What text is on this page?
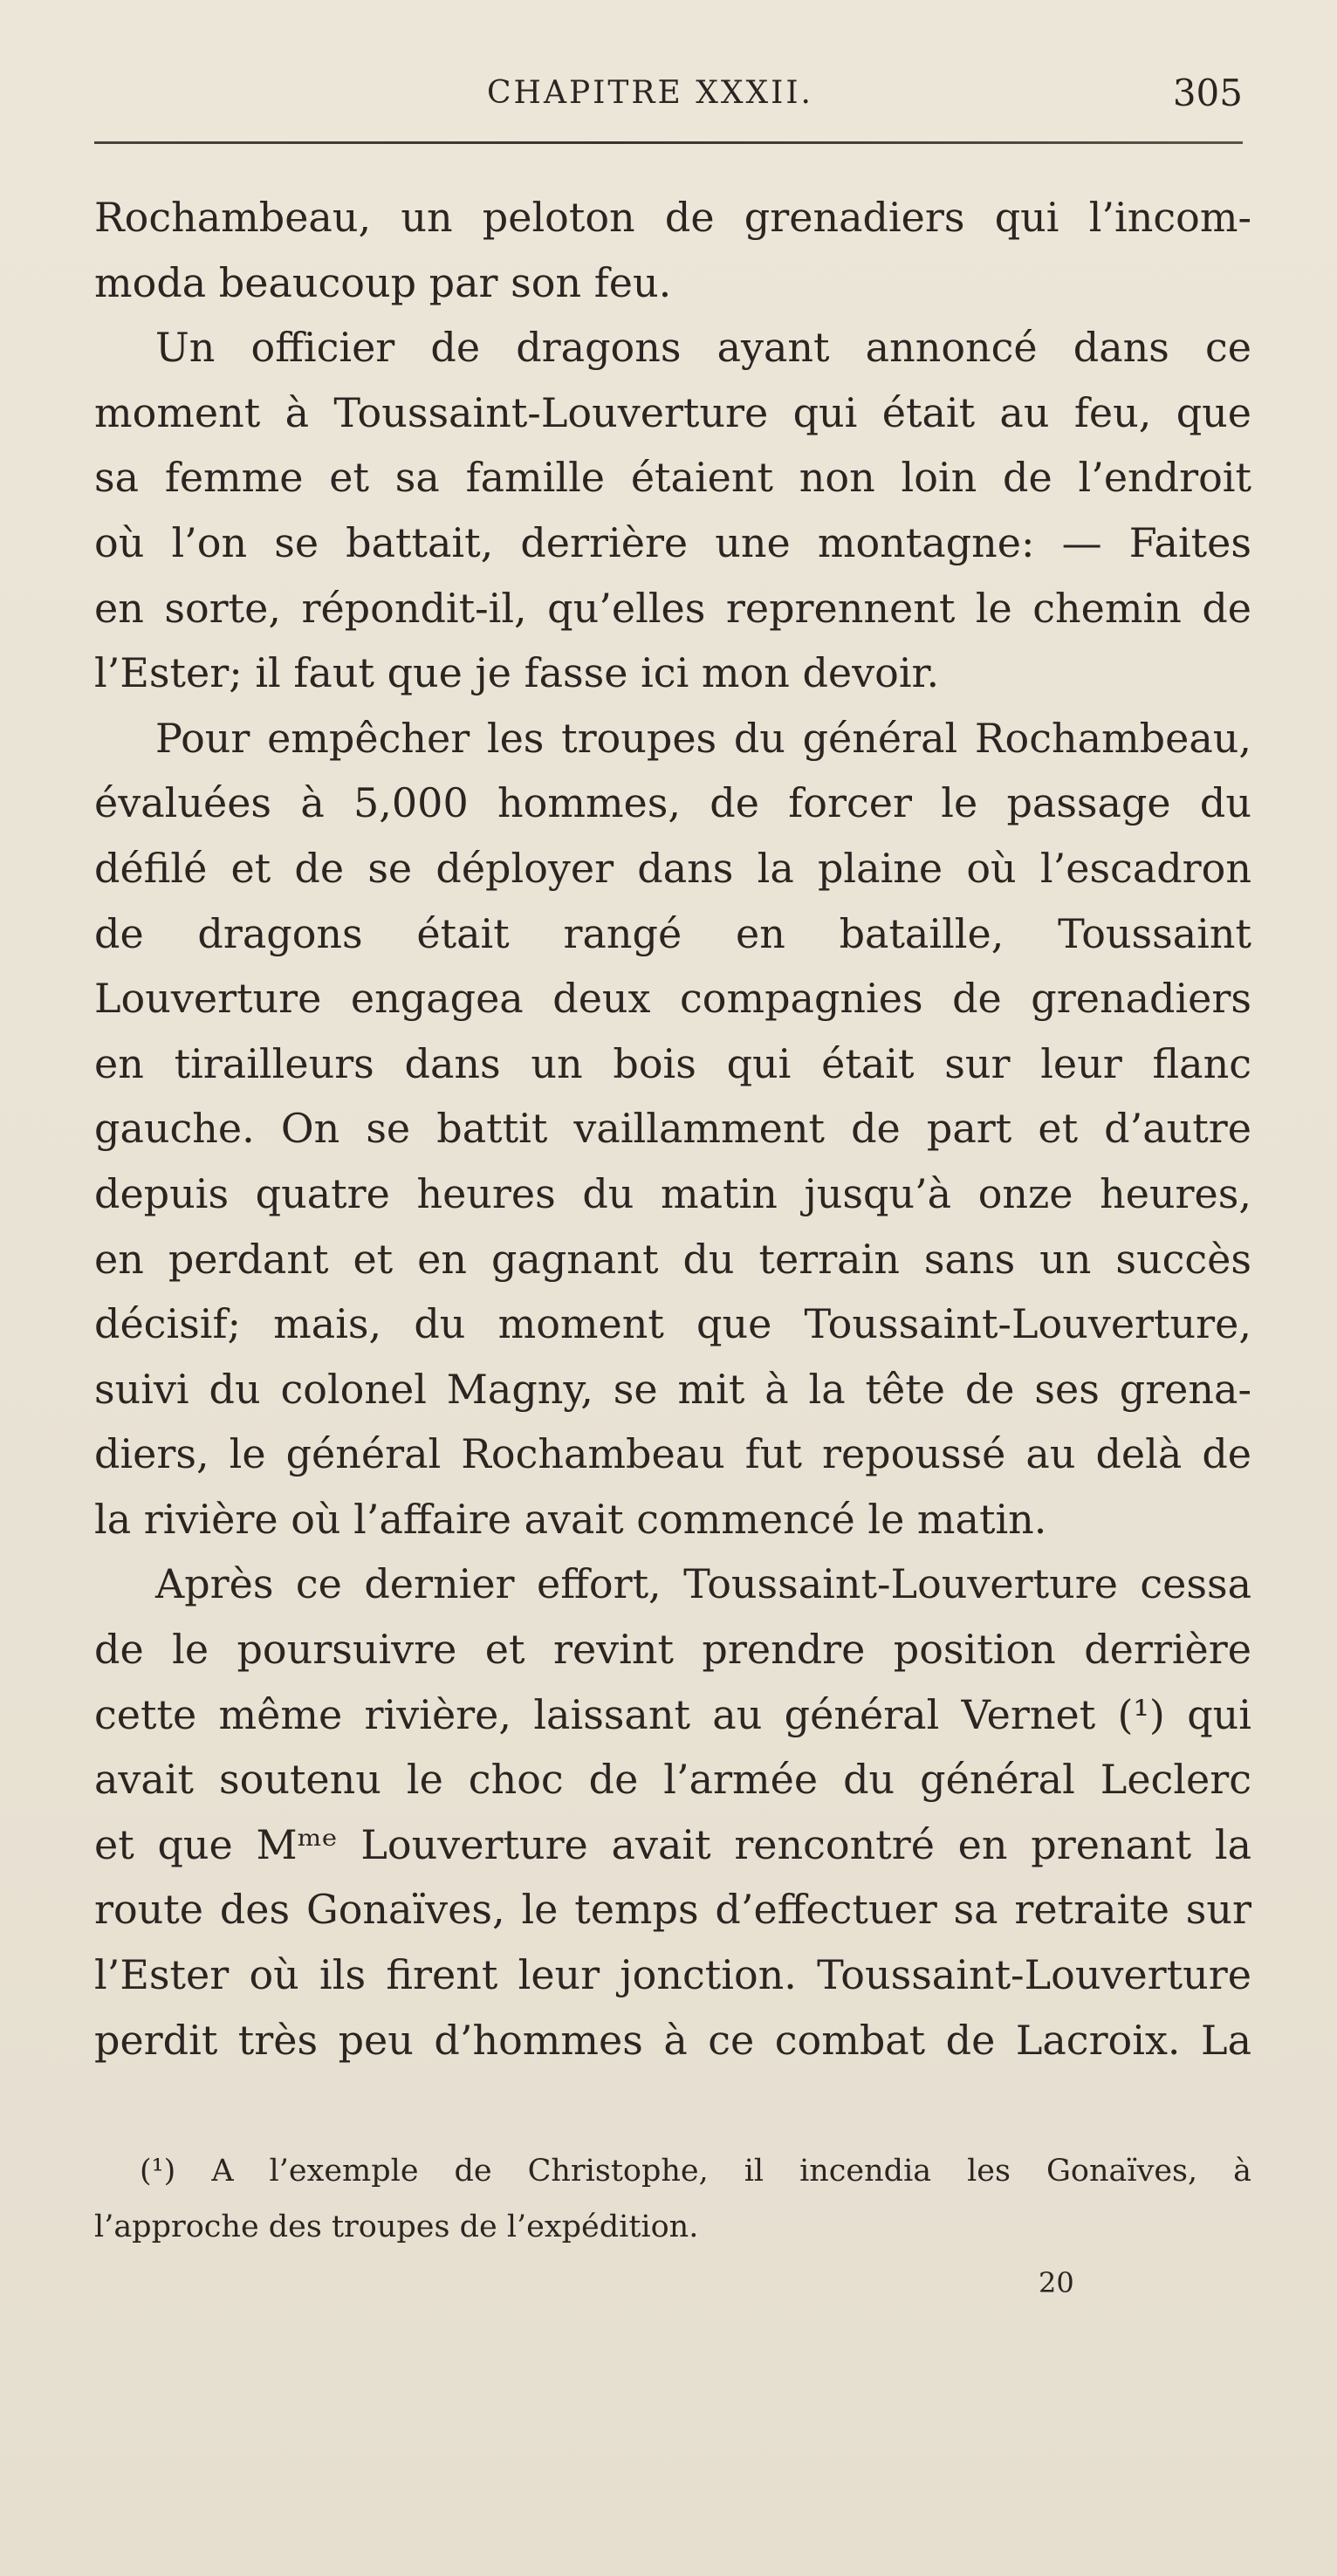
CHAPITRE XXXII.	305
Rochambeau, un peloton de grenadiers qui l’incom-
moda beaucoup par son feu.
Un officier de dragons ayant annoncé dans ce
moment à Toussaint-Louverture qui était au feu, que
sa femme et sa famille étaient non loin de l’endroit
où l’on se battait, derrière une montagne: — Faites
en sorte, répondit-il, qu’elles reprennent le chemin de
l’Ester; il faut que je fasse ici mon devoir.
Pour empêcher les troupes du général Rochambeau,
évaluées à 5,000 hommes, de forcer le passage du
défilé et de se déployer dans la plaine où l’escadron
de dragons était rangé en bataille, Toussaint
Louverture engagea deux compagnies de grenadiers
en tirailleurs dans un bois qui était sur leur flanc
gauche. On se battit vaillamment de part et d’autre
depuis quatre heures du matin jusqu’à onze heures,
en perdant et en gagnant du terrain sans un succès
décisif; mais, du moment que Toussaint-Louverture,
suivi du colonel Magny, se mit à la tête de ses grena-
diers, le général Rochambeau fut repoussé au delà de
la rivière où l’affaire avait commencé le matin.
Après ce dernier effort, Toussaint-Louverture cessa
de le poursuivre et revint prendre position derrière
cette même rivière, laissant au général Vernet (¹) qui
avait soutenu le choc de l’armée du général Leclerc
et que Mᵐᵉ Louverture avait rencontré en prenant la
route des Gonaïves, le temps d’effectuer sa retraite sur
l’Ester où ils firent leur jonction. Toussaint-Louverture
perdit très peu d’hommes à ce combat de Lacroix. La
(¹) A l’exemple de Christophe, il incendia les Gonaïves, à
l’approche des troupes de l’expédition.
20
